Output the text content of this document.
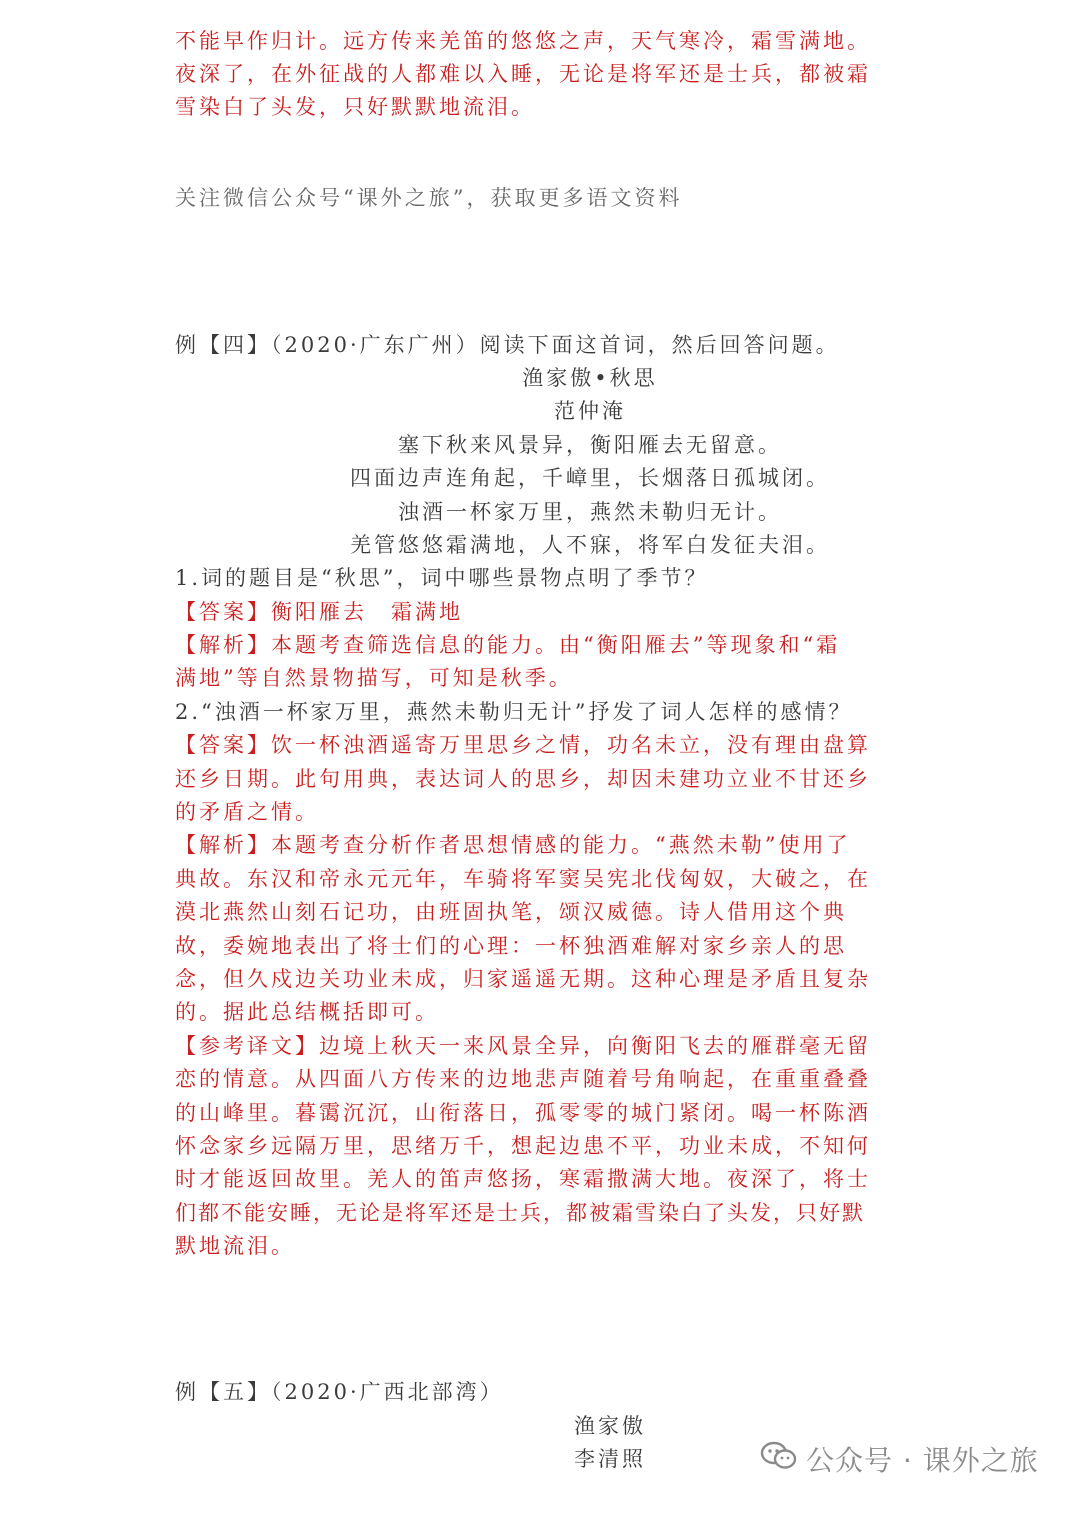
不能早作归计。远方传来羌笛的悠悠之声，天气寒冷，霜雪满地。
夜深了，在外征战的人都难以入睡，无论是将军还是士兵，都被霜
雪染白了头发，只好默默地流泪。
关注微信公众号“课外之旅”，获取更多语文资料
例【四】（2020·广东广州）阅读下面这首词，然后回答问题。
渔家傲•秋思
范仲淹
塞下秋来风景异，衡阳雁去无留意。
四面边声连角起，千嶂里，长烟落日孤城闭。
浊酒一杯家万里，燕然未勒归无计。
羌管悠悠霜满地，人不寐，将军白发征夫泪。
1.词的题目是“秋思”，词中哪些景物点明了季节？
【答案】衡阳雁去　霜满地
【解析】本题考查筛选信息的能力。由“衡阳雁去”等现象和“霜
满地”等自然景物描写，可知是秋季。
2.“浊酒一杯家万里，燕然未勒归无计”抒发了词人怎样的感情？
【答案】饮一杯浊酒遥寄万里思乡之情，功名未立，没有理由盘算
还乡日期。此句用典，表达词人的思乡，却因未建功立业不甘还乡
的矛盾之情。
【解析】本题考查分析作者思想情感的能力。“燕然未勒”使用了
典故。东汉和帝永元元年，车骑将军窦吴宪北伐匈奴，大破之，在
漠北燕然山刻石记功，由班固执笔，颂汉威德。诗人借用这个典
故，委婉地表出了将士们的心理：一杯独酒难解对家乡亲人的思
念，但久戍边关功业未成，归家遥遥无期。这种心理是矛盾且复杂
的。据此总结概括即可。
【参考译文】边境上秋天一来风景全异，向衡阳飞去的雁群毫无留
恋的情意。从四面八方传来的边地悲声随着号角响起，在重重叠叠
的山峰里。暮霭沉沉，山衔落日，孤零零的城门紧闭。喝一杯陈酒
怀念家乡远隔万里，思绪万千，想起边患不平，功业未成，不知何
时才能返回故里。羌人的笛声悠扬，寒霜撒满大地。夜深了，将士
们都不能安睡，无论是将军还是士兵，都被霜雪染白了头发，只好默
默地流泪。
例【五】（2020·广西北部湾）
渔家傲
李清照	公众号 · 课外之旅
